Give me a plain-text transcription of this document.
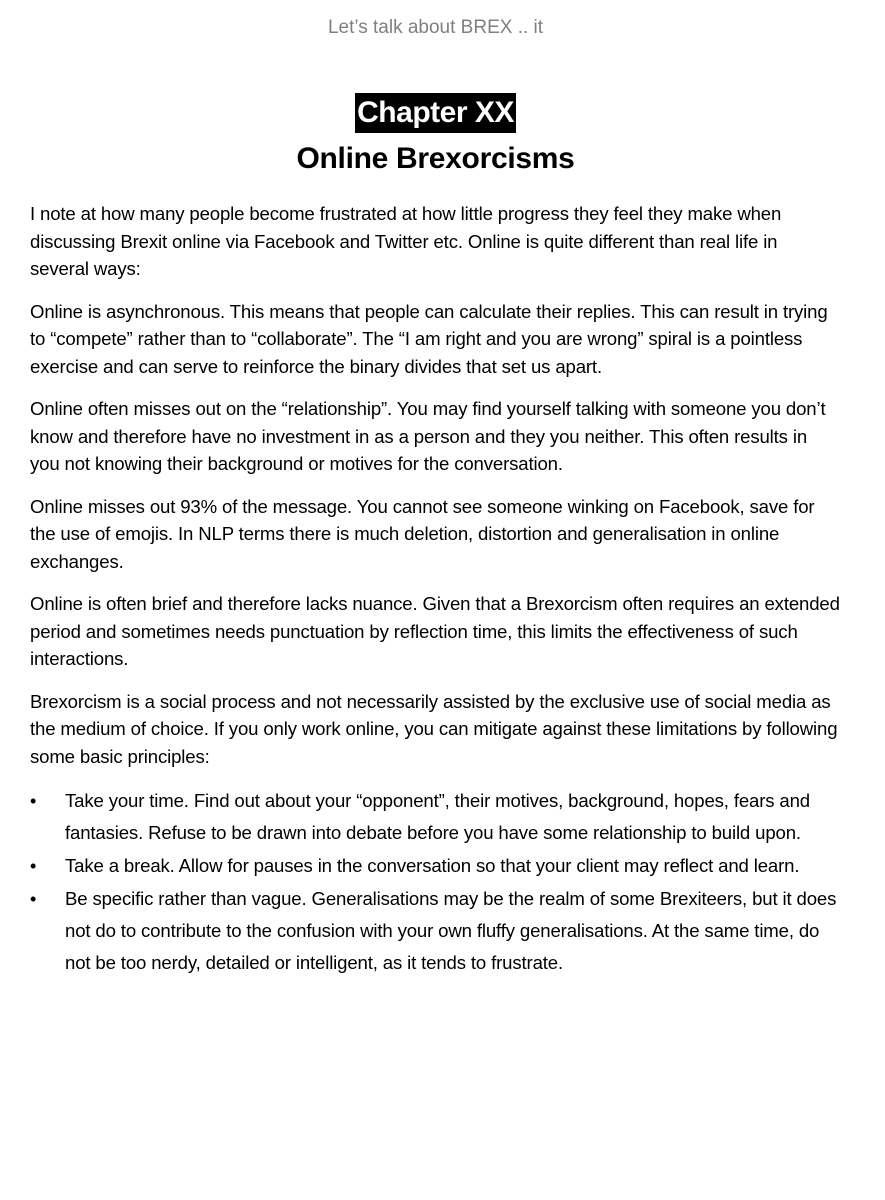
Let’s talk about BREX .. it
Chapter XX
Online Brexorcisms

I note at how many people become frustrated at how little progress they feel they make when discussing Brexit online via Facebook and Twitter etc. Online is quite different than real life in several ways:

Online is asynchronous. This means that people can calculate their replies. This can result in trying to “compete” rather than to “collaborate”. The “I am right and you are wrong” spiral is a pointless exercise and can serve to reinforce the binary divides that set us apart.

Online often misses out on the “relationship”. You may find yourself talking with someone you don’t know and therefore have no investment in as a person and they you neither. This often results in you not knowing their background or motives for the conversation.

Online misses out 93% of the message. You cannot see someone winking on Facebook, save for the use of emojis. In NLP terms there is much deletion, distortion and generalisation in online exchanges.

Online is often brief and therefore lacks nuance. Given that a Brexorcism often requires an extended period and sometimes needs punctuation by reflection time, this limits the effectiveness of such interactions.

Brexorcism is a social process and not necessarily assisted by the exclusive use of social media as the medium of choice. If you only work online, you can mitigate against these limitations by following some basic principles:

•	Take your time. Find out about your “opponent”, their motives, background, hopes, fears and fantasies. Refuse to be drawn into debate before you have some relationship to build upon.
•	Take a break. Allow for pauses in the conversation so that your client may reflect and learn.
•	Be specific rather than vague. Generalisations may be the realm of some Brexiteers, but it does not do to contribute to the confusion with your own fluffy generalisations. At the same time, do not be too nerdy, detailed or intelligent, as it tends to frustrate.
